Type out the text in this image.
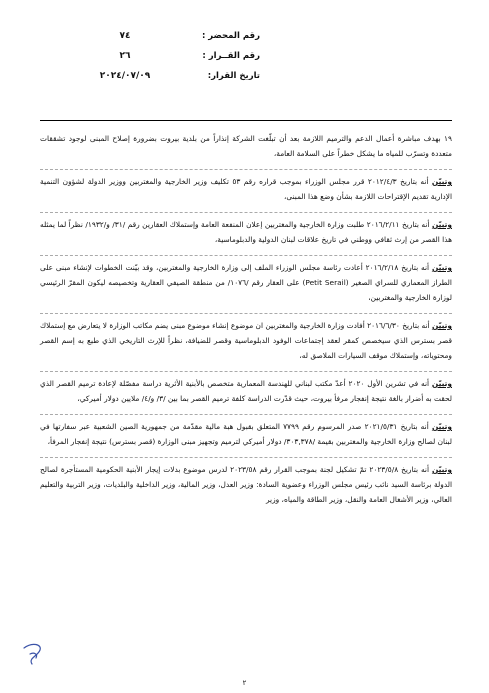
رقم المحضر :
٧٤
رقم القــرار :
٢٦
تاريخ القرار:
٢٠٢٤/٠٧/٠٩

١٩ بهدف مباشرة أعمال الدعم والترميم اللازمة بعد أن تبلّغت الشركة إنذاراً من بلدية بيروت بضرورة إصلاح المبنى لوجود تشققات متعددة وتسرّب للمياه ما يشكل خطراً على السلامة العامة،

وتبيّن أنه بتاريخ ٢٠١٢/٤/٣ قرر مجلس الوزراء بموجب قراره رقم ٥٣ تكليف وزير الخارجية والمغتربين ووزير الدولة لشؤون التنمية الإدارية تقديم الإقتراحات اللازمة بشأن وضع هذا المبنى،

وتبيّن أنه بتاريخ ٢٠١٦/٢/١١ طلبت وزارة الخارجية والمغتربين إعلان المنفعة العامة وإستملاك العقارين رقم /٣١/ و/١٩٣٢/ نظراً لما يمثله هذا القصر من إرث ثقافي ووطني في تاريخ علاقات لبنان الدولية والدبلوماسية،

وتبيّن أنه بتاريخ ٢٠١٦/٢/١٨ أعادت رئاسة مجلس الوزراء الملف إلى وزارة الخارجية والمغتربين، وقد بيّنت الخطوات لإنشاء مبنى على الطراز المعماري للسراي الصغير (Petit Serail) على العقار رقم /١٠٧٦/ من منطقة الصيفي العقارية وتخصيصه ليكون المقرّ الرئيسي لوزارة الخارجية والمغتربين،

وتبيّن أنه بتاريخ ٢٠١٦/٦/٣٠ أفادت وزارة الخارجية والمغتربين ان موضوع إنشاء موضوع مبنى يضم مكاتب الوزارة لا يتعارض مع إستملاك قصر بسترس الذي سيخصص كمقر لعقد إجتماعات الوفود الدبلوماسية وقصر للضيافة، نظراً للإرث التاريخي الذي طبع به إسم القصر ومحتوياته، وإستملاك موقف السيارات الملاصق له،

وتبيّن أنه في تشرين الأول ٢٠٢٠ أعدّ مكتب لبناني للهندسة المعمارية متخصص بالأبنية الأثرية دراسة مفصّلة لإعادة ترميم القصر الذي لحقت به أضرار بالغة نتيجة إنفجار مرفأ بيروت، حيث قدّرت الدراسة كلفة ترميم القصر بما بين /٣/ و/٤/ ملايين دولار أميركي،

وتبيّن أنه بتاريخ ٢٠٢١/٥/٣١ صدر المرسوم رقم ٧٧٩٩ المتعلق بقبول هبة مالية مقدّمة من جمهورية الصين الشعبية عبر سفارتها في لبنان لصالح وزارة الخارجية والمغتربين بقيمة /٣٠٣,٣٧٨/ دولار أميركي لترميم وتجهيز مبنى الوزارة (قصر بسترس) نتيجة إنفجار المرفأ،

وتبيّن أنه بتاريخ ٢٠٢٣/٥/٨ تمّ تشكيل لجنة بموجب القرار رقم ٢٠٢٣/٥٨ لدرس موضوع بدلات إيجار الأبنية الحكومية المستأجرة لصالح الدولة برئاسة السيد نائب رئيس مجلس الوزراء وعضوية السادة: وزير العدل، وزير المالية، وزير الداخلية والبلديات، وزير التربية والتعليم العالي، وزير الأشغال العامة والنقل، وزير الطاقة والمياه، وزير

٢
